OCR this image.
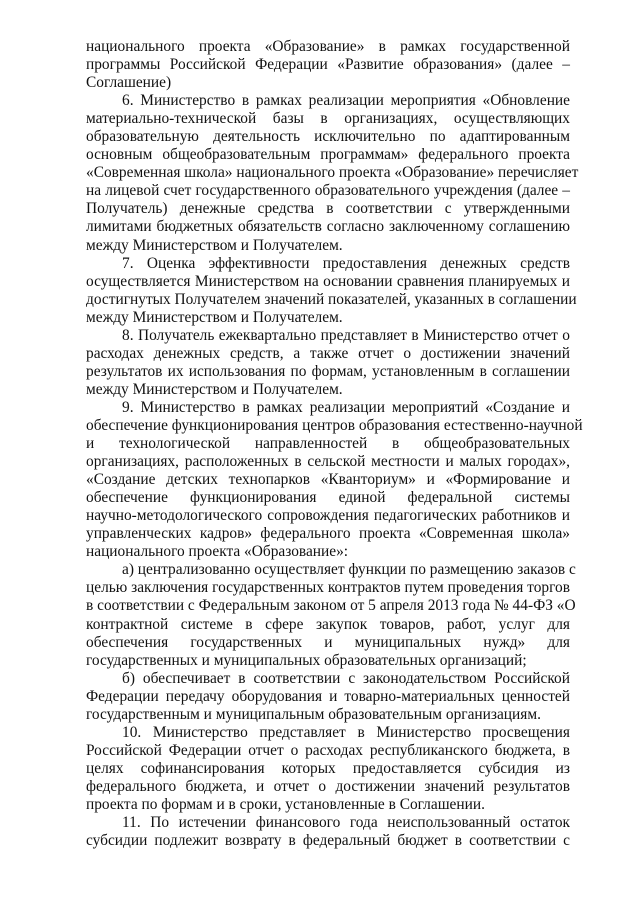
национального проекта «Образование» в рамках государственной
программы Российской Федерации «Развитие образования» (далее –
Соглашение)

6. Министерство в рамках реализации мероприятия «Обновление
материально-технической базы в организациях, осуществляющих
образовательную деятельность исключительно по адаптированным
основным общеобразовательным программам» федерального проекта
«Современная школа» национального проекта «Образование» перечисляет
на лицевой счет государственного образовательного учреждения (далее –
Получатель) денежные средства в соответствии с утвержденными
лимитами бюджетных обязательств согласно заключенному соглашению
между Министерством и Получателем.

7. Оценка эффективности предоставления денежных средств
осуществляется Министерством на основании сравнения планируемых и
достигнутых Получателем значений показателей, указанных в соглашении
между Министерством и Получателем.

8. Получатель ежеквартально представляет в Министерство отчет о
расходах денежных средств, а также отчет о достижении значений
результатов их использования по формам, установленным в соглашении
между Министерством и Получателем.

9. Министерство в рамках реализации мероприятий «Создание и
обеспечение функционирования центров образования естественно-научной
и технологической направленностей в общеобразовательных
организациях, расположенных в сельской местности и малых городах»,
«Создание детских технопарков «Кванториум» и «Формирование и
обеспечение функционирования единой федеральной системы
научно-методологического сопровождения педагогических работников и
управленческих кадров» федерального проекта «Современная школа»
национального проекта «Образование»:

а) централизованно осуществляет функции по размещению заказов с
целью заключения государственных контрактов путем проведения торгов
в соответствии с Федеральным законом от 5 апреля 2013 года № 44-ФЗ «О
контрактной системе в сфере закупок товаров, работ, услуг для
обеспечения государственных и муниципальных нужд» для
государственных и муниципальных образовательных организаций;

б) обеспечивает в соответствии с законодательством Российской
Федерации передачу оборудования и товарно-материальных ценностей
государственным и муниципальным образовательным организациям.

10. Министерство представляет в Министерство просвещения
Российской Федерации отчет о расходах республиканского бюджета, в
целях софинансирования которых предоставляется субсидия из
федерального бюджета, и отчет о достижении значений результатов
проекта по формам и в сроки, установленные в Соглашении.

11. По истечении финансового года неиспользованный остаток
субсидии подлежит возврату в федеральный бюджет в соответствии с
